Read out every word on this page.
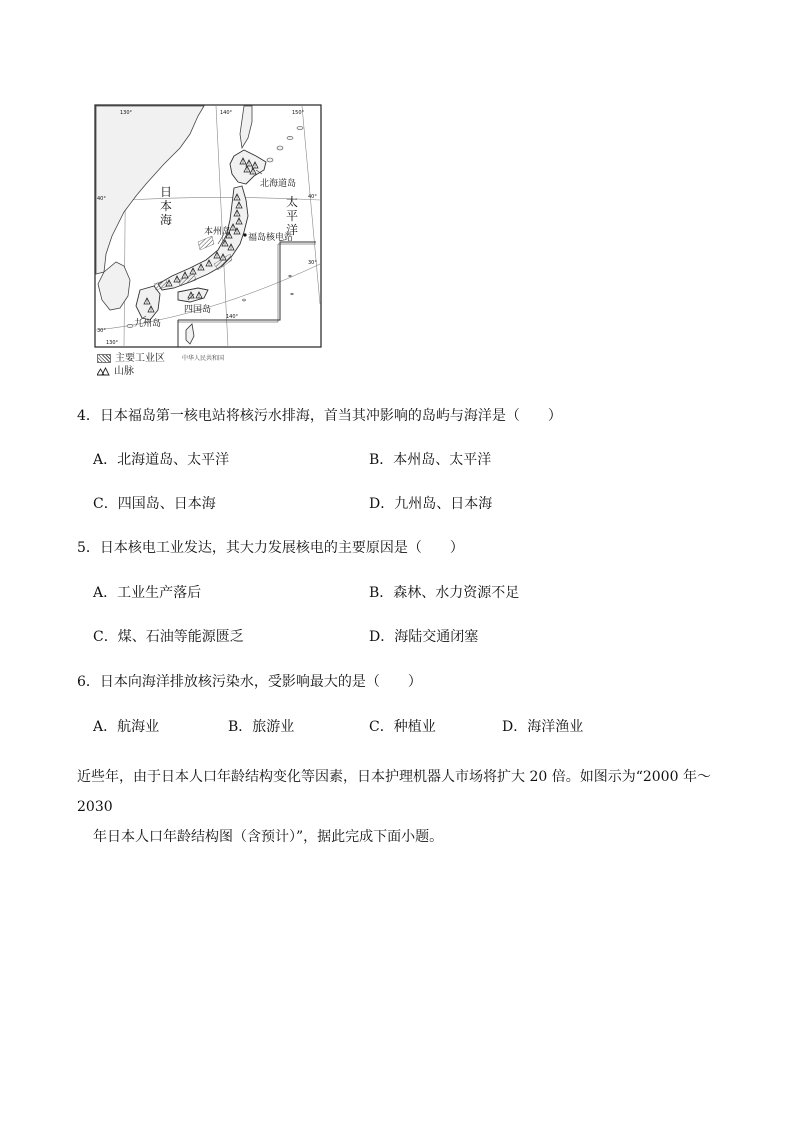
日
本
海
太
平
洋
北海道岛
本州岛
福岛核电站
四国岛
九州岛
130°	140°	150°
40°	40°
30°
30°
130°
140°
中华人民共和国
主要工业区
山脉
4．日本福岛第一核电站将核污水排海，首当其冲影响的岛屿与海洋是（　　）
A．北海道岛、太平洋	B．本州岛、太平洋
C．四国岛、日本海	D．九州岛、日本海
5．日本核电工业发达，其大力发展核电的主要原因是（　　）
A．工业生产落后	B．森林、水力资源不足
C．煤、石油等能源匮乏	D．海陆交通闭塞
6．日本向海洋排放核污染水，受影响最大的是（　　）
A．航海业	B．旅游业	C．种植业	D．海洋渔业
近些年，由于日本人口年龄结构变化等因素，日本护理机器人市场将扩大 20 倍。如图示为“2000 年～2030
年日本人口年龄结构图（含预计）”，据此完成下面小题。
